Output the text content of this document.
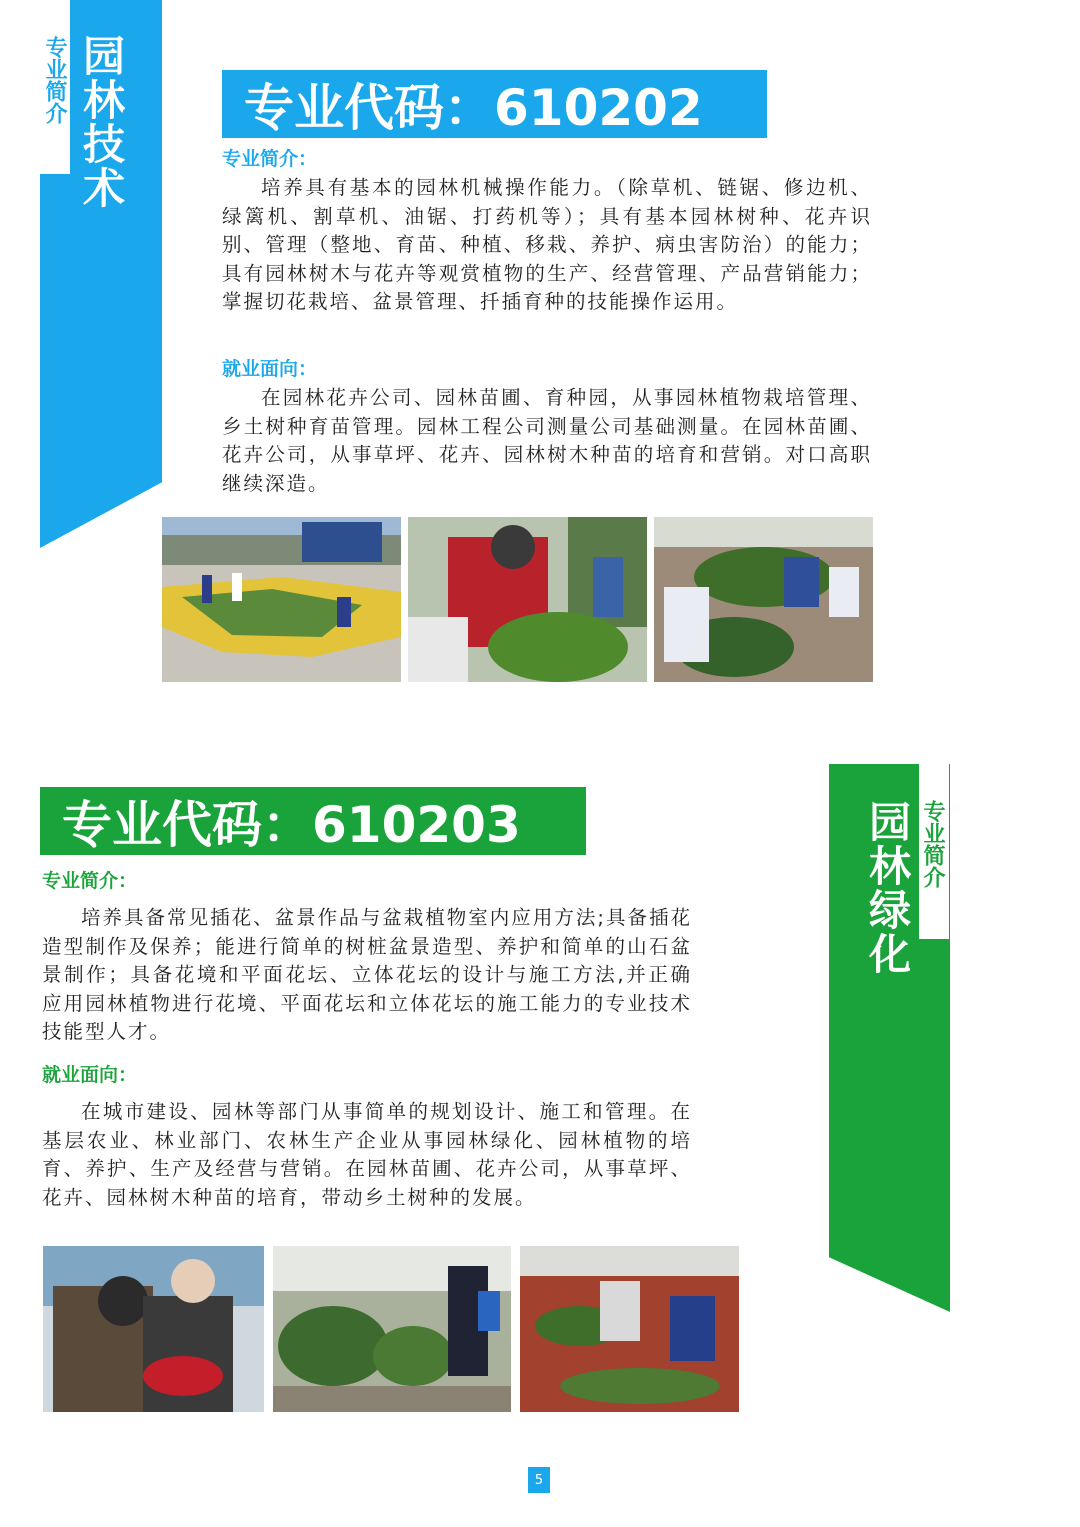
专业简介 园林技术 专业代码：610202
专业简介：
培养具有基本的园林机械操作能力。（除草机、链锯、修边机、绿篱机、割草机、油锯、打药机等）；具有基本园林树种、花卉识别、管理（整地、育苗、种植、移栽、养护、病虫害防治）的能力；具有园林树木与花卉等观赏植物的生产、经营管理、产品营销能力；掌握切花栽培、盆景管理、扦插育种的技能操作运用。
就业面向：
在园林花卉公司、园林苗圃、育种园，从事园林植物栽培管理、乡土树种育苗管理。园林工程公司测量公司基础测量。在园林苗圃、花卉公司，从事草坪、花卉、园林树木种苗的培育和营销。对口高职继续深造。
专业代码：610203	专业简介
园林绿化
专业简介：
培养具备常见插花、盆景作品与盆栽植物室内应用方法;具备插花造型制作及保养；能进行简单的树桩盆景造型、养护和简单的山石盆景制作；具备花境和平面花坛、立体花坛的设计与施工方法,并正确应用园林植物进行花境、平面花坛和立体花坛的施工能力的专业技术技能型人才。
就业面向：
在城市建设、园林等部门从事简单的规划设计、施工和管理。在基层农业、林业部门、农林生产企业从事园林绿化、园林植物的培育、养护、生产及经营与营销。在园林苗圃、花卉公司，从事草坪、花卉、园林树木种苗的培育，带动乡土树种的发展。
5
